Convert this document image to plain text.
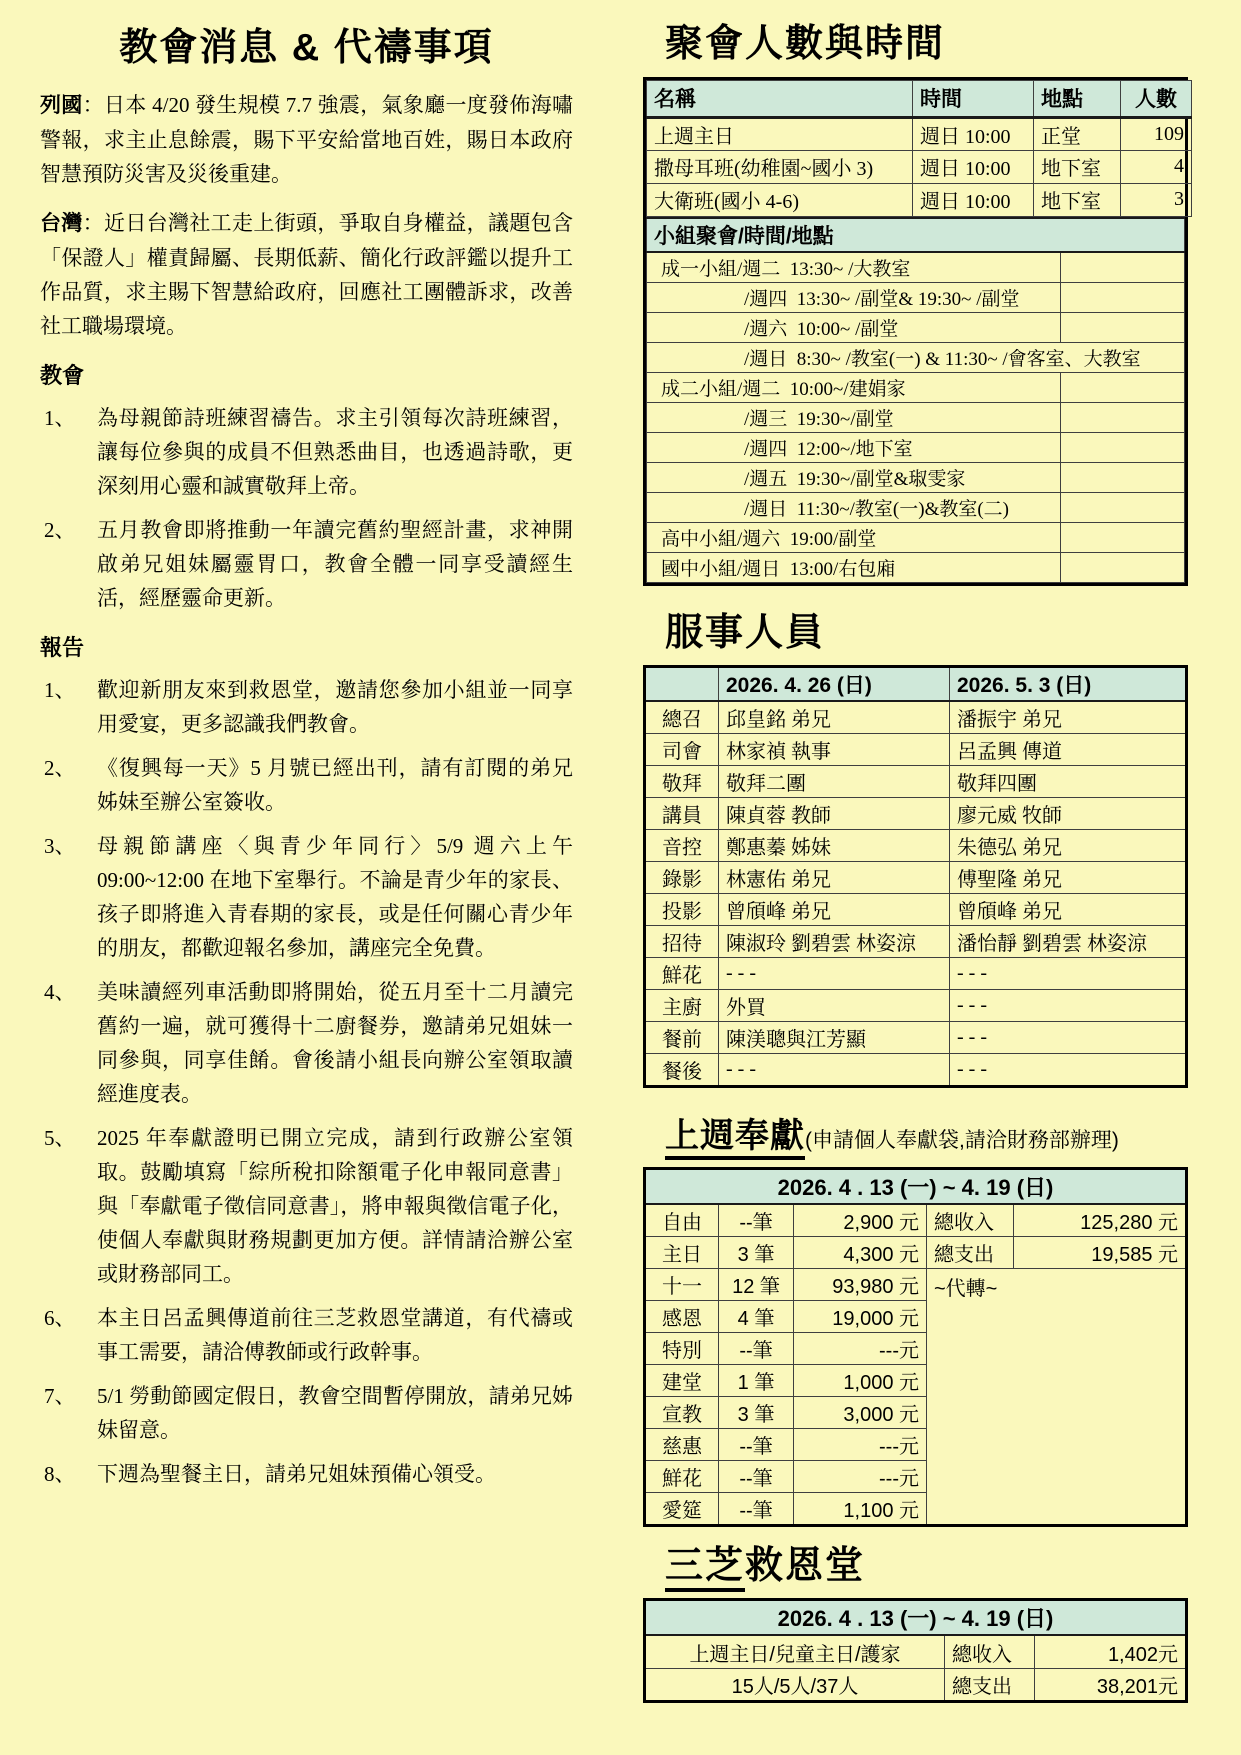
教會消息 & 代禱事項

列國：日本 4/20 發生規模 7.7 強震，氣象廳一度發佈海嘯警報，求主止息餘震，賜下平安給當地百姓，賜日本政府智慧預防災害及災後重建。

台灣：近日台灣社工走上街頭，爭取自身權益，議題包含「保證人」權責歸屬、長期低薪、簡化行政評鑑以提升工作品質，求主賜下智慧給政府，回應社工團體訴求，改善社工職場環境。

教會
1、 為母親節詩班練習禱告。求主引領每次詩班練習，讓每位參與的成員不但熟悉曲目，也透過詩歌，更深刻用心靈和誠實敬拜上帝。
2、 五月教會即將推動一年讀完舊約聖經計畫，求神開啟弟兄姐妹屬靈胃口，教會全體一同享受讀經生活，經歷靈命更新。
報告
1、 歡迎新朋友來到救恩堂，邀請您參加小組並一同享用愛宴，更多認識我們教會。
2、 《復興每一天》5 月號已經出刊，請有訂閱的弟兄姊妹至辦公室簽收。
3、 母親節講座〈與青少年同行〉5/9 週六上午 09:00~12:00 在地下室舉行。不論是青少年的家長、孩子即將進入青春期的家長，或是任何關心青少年的朋友，都歡迎報名參加，講座完全免費。
4、 美味讀經列車活動即將開始，從五月至十二月讀完舊約一遍，就可獲得十二廚餐券，邀請弟兄姐妹一同參與，同享佳餚。會後請小組長向辦公室領取讀經進度表。
5、 2025 年奉獻證明已開立完成，請到行政辦公室領取。鼓勵填寫「綜所稅扣除額電子化申報同意書」與「奉獻電子徵信同意書」，將申報與徵信電子化，使個人奉獻與財務規劃更加方便。詳情請洽辦公室或財務部同工。
6、 本主日呂孟興傳道前往三芝救恩堂講道，有代禱或事工需要，請洽傅教師或行政幹事。
7、 5/1 勞動節國定假日，教會空間暫停開放，請弟兄姊妹留意。
8、 下週為聖餐主日，請弟兄姐妹預備心領受。
聚會人數與時間
名稱	時間	地點	人數
上週主日	週日 10:00	正堂	109
撒母耳班(幼稚園~國小 3)	週日 10:00	地下室	4
大衛班(國小 4-6)	週日 10:00	地下室	3
小組聚會/時間/地點	
成一小組/週二  13:30~ /大教室	
/週四  13:30~ /副堂& 19:30~ /副堂	
/週六  10:00~ /副堂	
/週日  8:30~ /教室(一) & 11:30~ /會客室、大教室	
成二小組/週二  10:00~/建娟家	
/週三  19:30~/副堂	
/週四  12:00~/地下室	
/週五  19:30~/副堂&琡雯家	
/週日  11:30~/教室(一)&教室(二)	
高中小組/週六  19:00/副堂	
國中小組/週日  13:00/右包廂	
服事人員
	2026. 4. 26 (日)	2026. 5. 3 (日)
總召	邱皇銘 弟兄	潘振宇 弟兄
司會	林家禎 執事	呂孟興 傳道
敬拜	敬拜二團	敬拜四團
講員	陳貞蓉 教師	廖元威 牧師
音控	鄭惠蓁 姊妹	朱德弘 弟兄
錄影	林憲佑 弟兄	傅聖隆 弟兄
投影	曾頎峰 弟兄	曾頎峰 弟兄
招待	陳淑玲 劉碧雲 林姿涼	潘怡靜 劉碧雲 林姿涼
鮮花	- - -	- - -
主廚	外買	- - -
餐前	陳渼聰與江芳顯	- - -
餐後	- - -	- - -
上週奉獻(申請個人奉獻袋,請洽財務部辦理)
2026. 4 . 13 (一) ~ 4. 19 (日)				
自由	--筆	2,900 元	總收入	125,280 元
主日	3 筆	4,300 元	總支出	19,585 元
十一	12 筆	93,980 元	~代轉~	
感恩	4 筆	19,000 元		
特別	--筆	---元		
建堂	1 筆	1,000 元		
宣教	3 筆	3,000 元		
慈惠	--筆	---元		
鮮花	--筆	---元		
愛筵	--筆	1,100 元		
三芝救恩堂
2026. 4 . 13 (一) ~ 4. 19 (日)		
上週主日/兒童主日/護家	總收入	1,402元
15人/5人/37人	總支出	38,201元
